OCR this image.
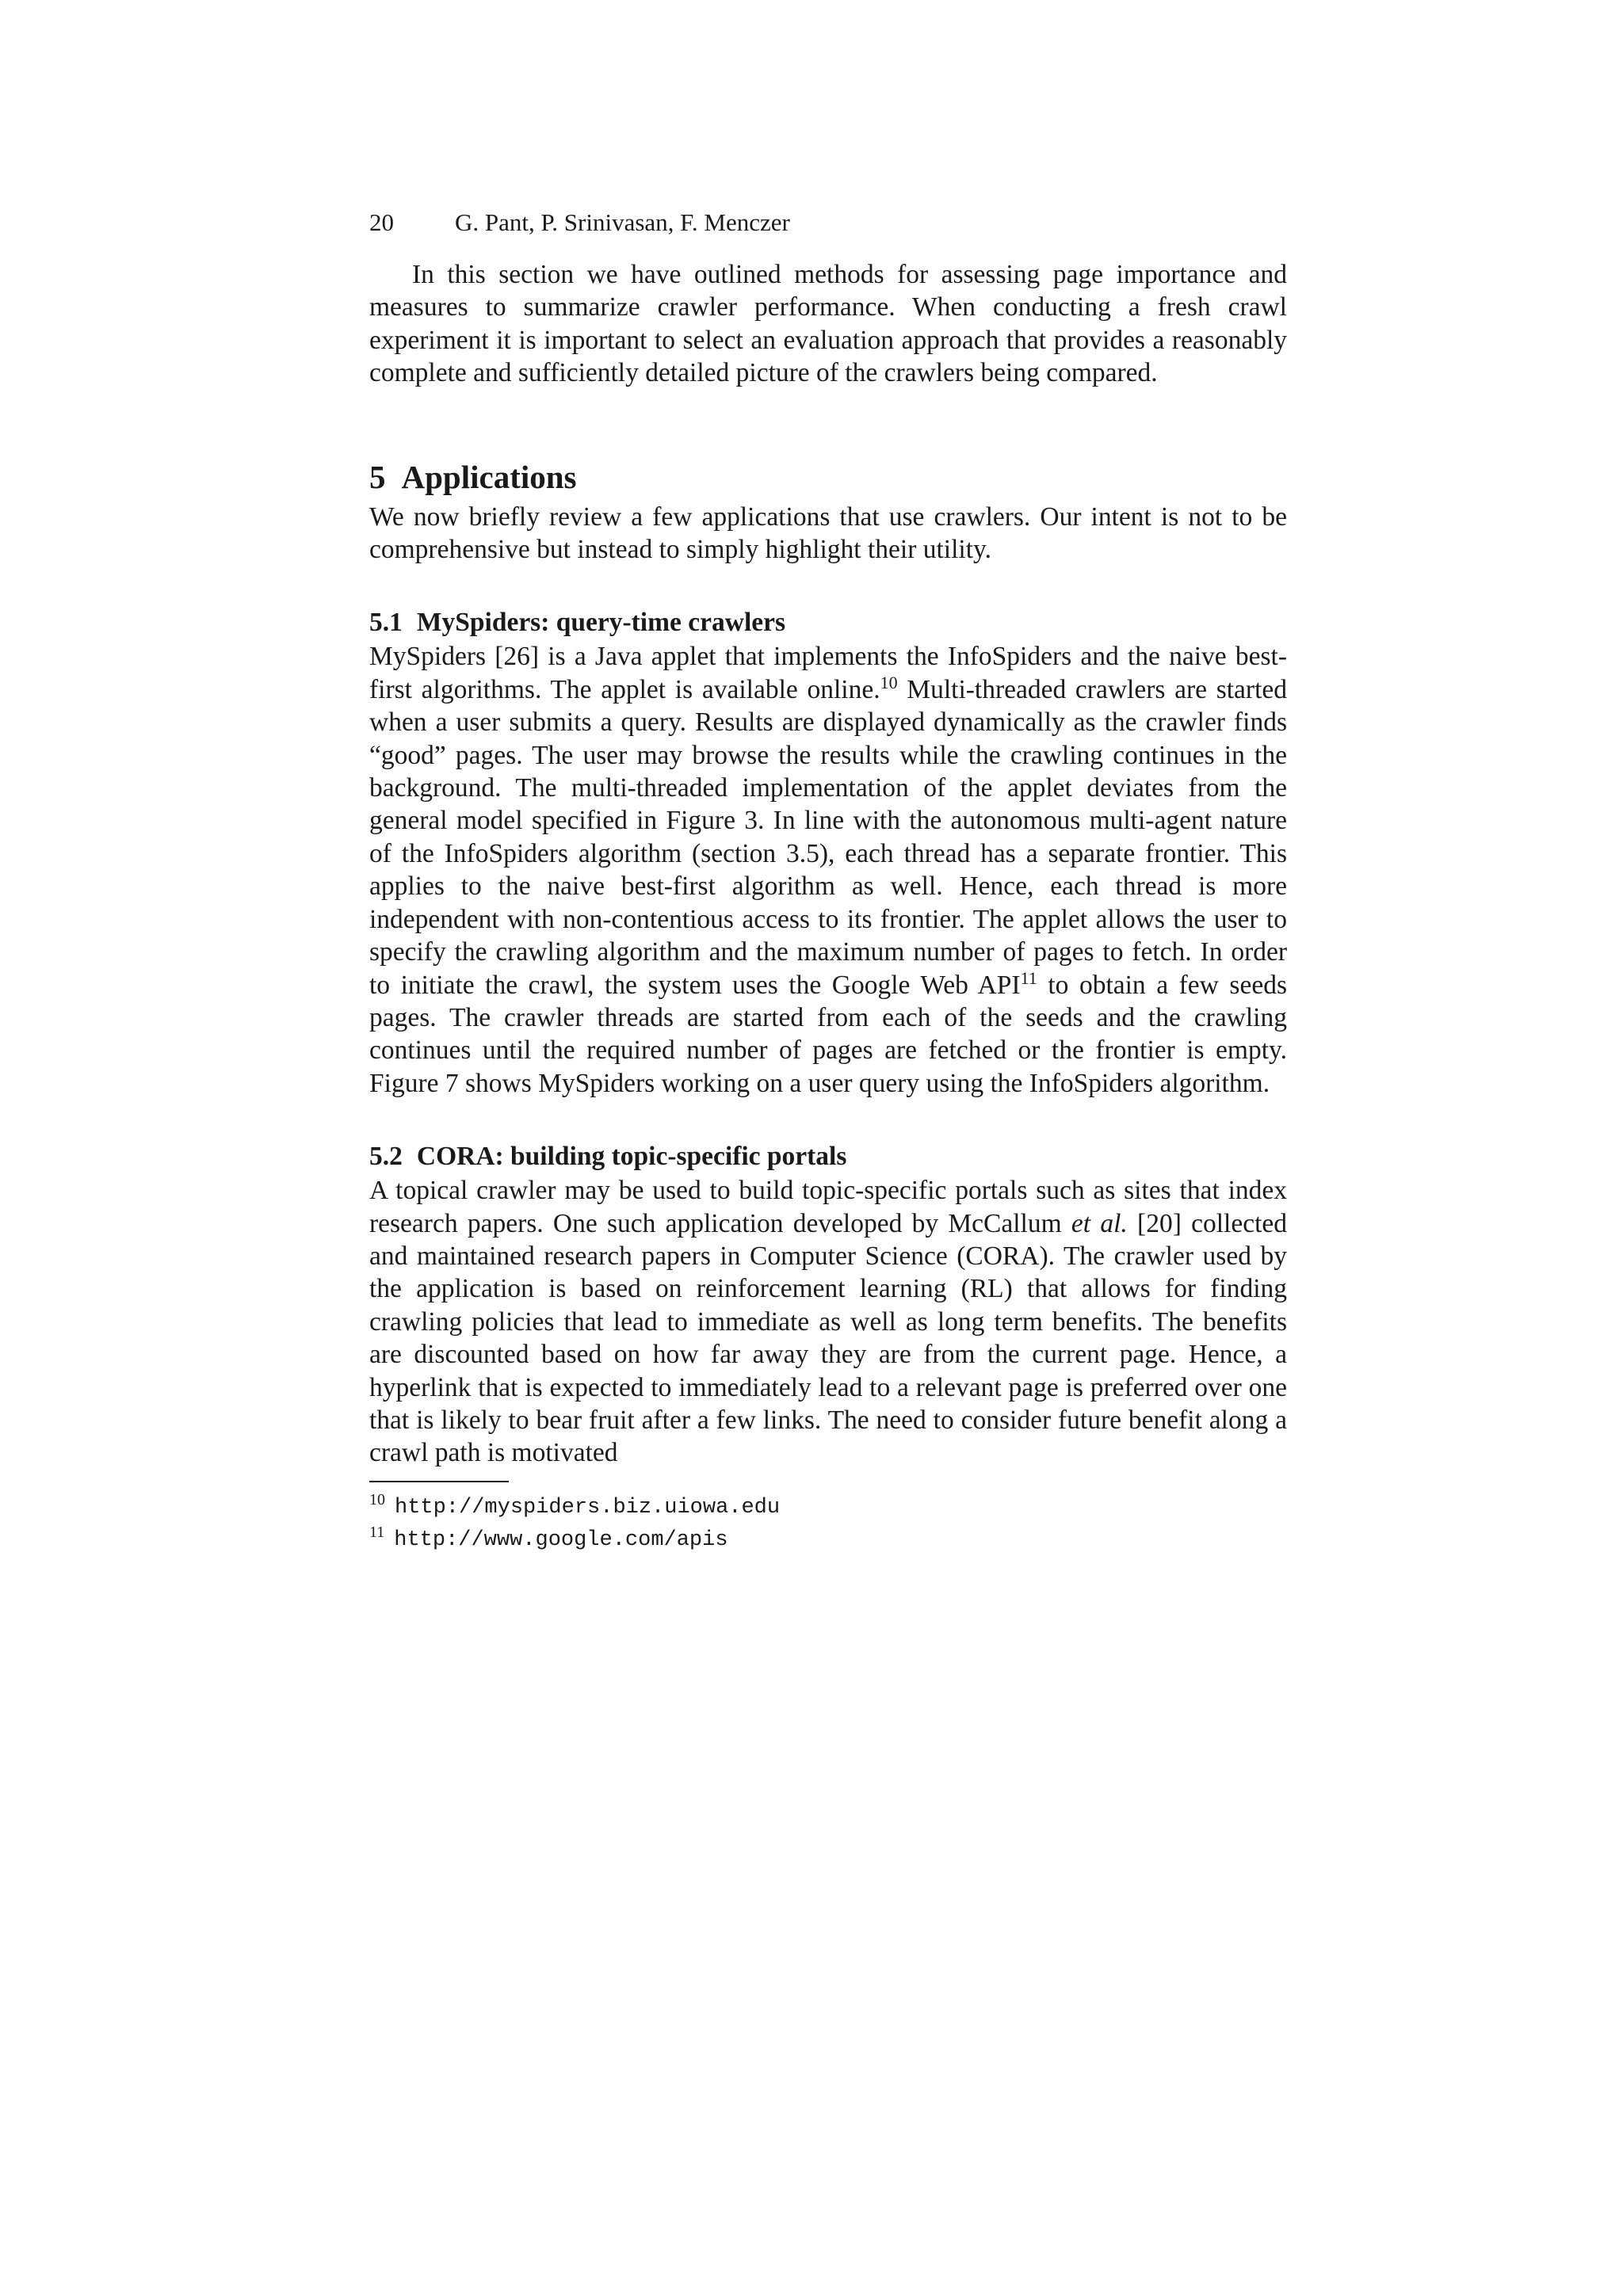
20 G. Pant, P. Srinivasan, F. Menczer

In this section we have outlined methods for assessing page importance and measures to summarize crawler performance. When conducting a fresh crawl experiment it is important to select an evaluation approach that provides a reasonably complete and sufficiently detailed picture of the crawlers being compared.

5 Applications

We now briefly review a few applications that use crawlers. Our intent is not to be comprehensive but instead to simply highlight their utility.

5.1 MySpiders: query-time crawlers

MySpiders [26] is a Java applet that implements the InfoSpiders and the naive best-first algorithms. The applet is available online.$^{10}$ Multi-threaded crawlers are started when a user submits a query. Results are displayed dynamically as the crawler finds “good” pages. The user may browse the results while the crawling continues in the background. The multi-threaded implementation of the applet deviates from the general model specified in Figure 3. In line with the autonomous multi-agent nature of the InfoSpiders algorithm (section 3.5), each thread has a separate frontier. This applies to the naive best-first algorithm as well. Hence, each thread is more independent with non-contentious access to its frontier. The applet allows the user to specify the crawling algorithm and the maximum number of pages to fetch. In order to initiate the crawl, the system uses the Google Web API$^{11}$ to obtain a few seeds pages. The crawler threads are started from each of the seeds and the crawling continues until the required number of pages are fetched or the frontier is empty. Figure 7 shows MySpiders working on a user query using the InfoSpiders algorithm.

5.2 CORA: building topic-specific portals

A topical crawler may be used to build topic-specific portals such as sites that index research papers. One such application developed by McCallum et al. [20] collected and maintained research papers in Computer Science (CORA). The crawler used by the application is based on reinforcement learning (RL) that allows for finding crawling policies that lead to immediate as well as long term benefits. The benefits are discounted based on how far away they are from the current page. Hence, a hyperlink that is expected to immediately lead to a relevant page is preferred over one that is likely to bear fruit after a few links. The need to consider future benefit along a crawl path is motivated

$^{10}$ http://myspiders.biz.uiowa.edu
$^{11}$ http://www.google.com/apis
